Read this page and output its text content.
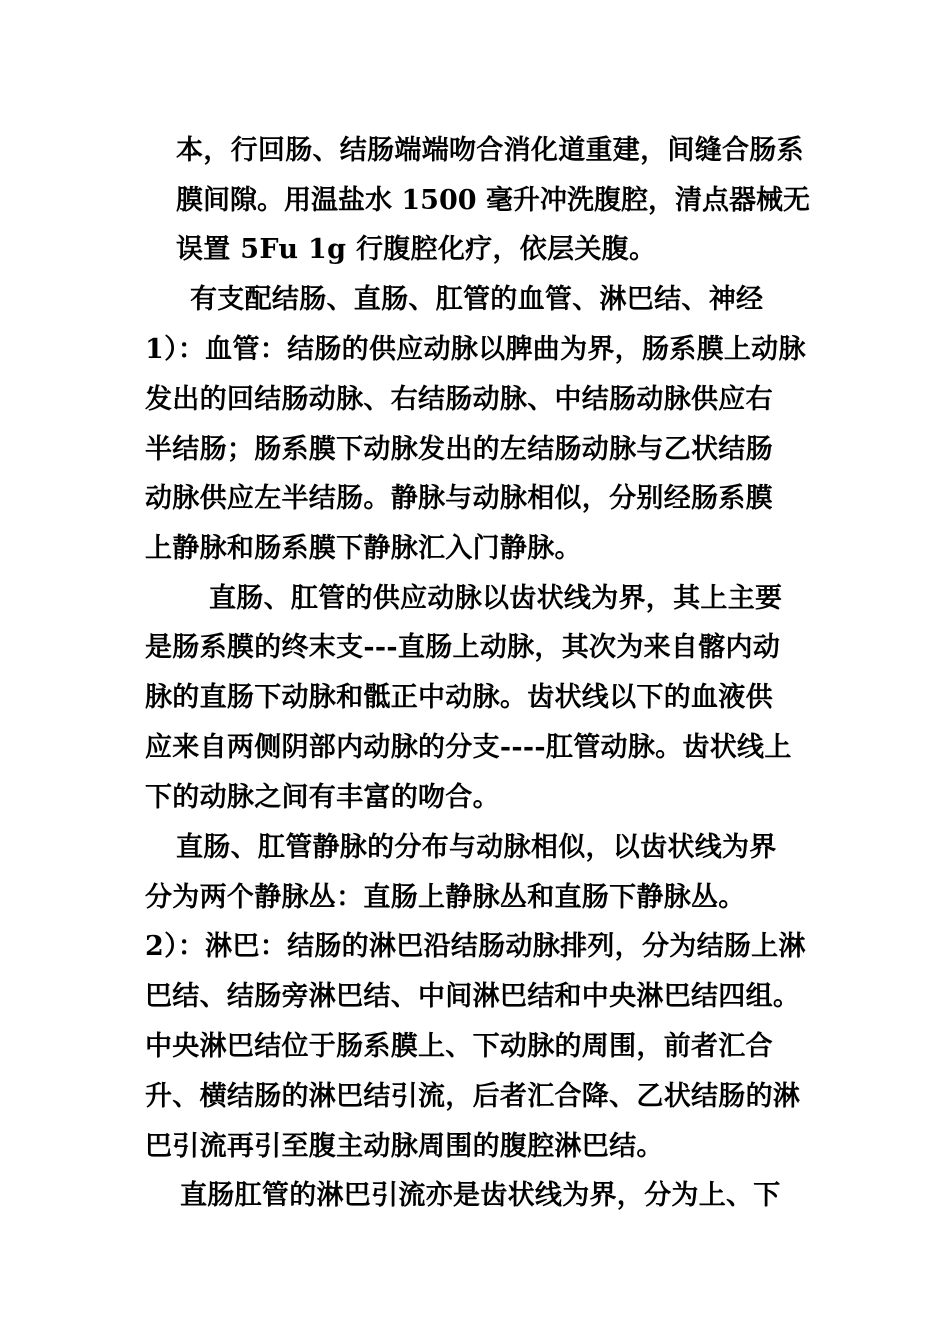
本，行回肠、结肠端端吻合消化道重建，间缝合肠系
膜间隙。用温盐水 1500 毫升冲洗腹腔，清点器械无
误置 5Fu 1g 行腹腔化疗，依层关腹。
有支配结肠、直肠、肛管的血管、淋巴结、神经
1）：血管：结肠的供应动脉以脾曲为界，肠系膜上动脉
发出的回结肠动脉、右结肠动脉、中结肠动脉供应右
半结肠；肠系膜下动脉发出的左结肠动脉与乙状结肠
动脉供应左半结肠。静脉与动脉相似，分别经肠系膜
上静脉和肠系膜下静脉汇入门静脉。
直肠、肛管的供应动脉以齿状线为界，其上主要
是肠系膜的终末支---直肠上动脉，其次为来自髂内动
脉的直肠下动脉和骶正中动脉。齿状线以下的血液供
应来自两侧阴部内动脉的分支----肛管动脉。齿状线上
下的动脉之间有丰富的吻合。
直肠、肛管静脉的分布与动脉相似，以齿状线为界
分为两个静脉丛：直肠上静脉丛和直肠下静脉丛。
2）：淋巴：结肠的淋巴沿结肠动脉排列，分为结肠上淋
巴结、结肠旁淋巴结、中间淋巴结和中央淋巴结四组。
中央淋巴结位于肠系膜上、下动脉的周围，前者汇合
升、横结肠的淋巴结引流，后者汇合降、乙状结肠的淋
巴引流再引至腹主动脉周围的腹腔淋巴结。
直肠肛管的淋巴引流亦是齿状线为界，分为上、下
